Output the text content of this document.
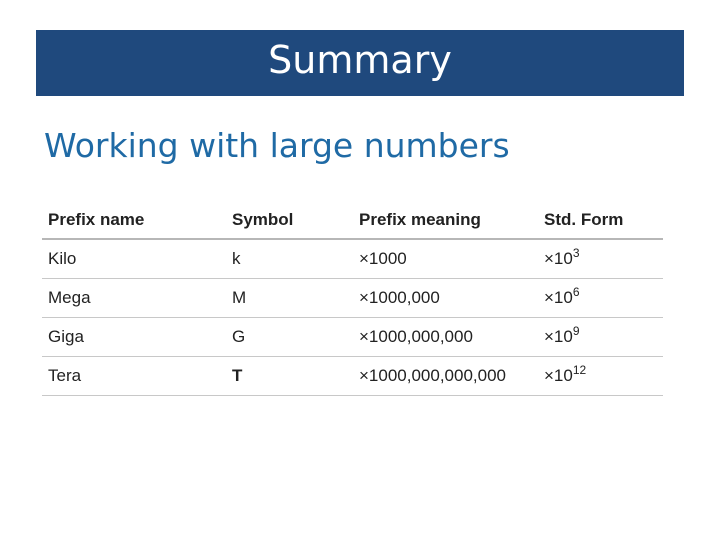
Summary
Working with large numbers
Prefix name	Symbol	Prefix meaning	Std. Form
Kilo	k	×1000	$\times 10^3$
Mega	M	×1000,000	$\times 10^6$
Giga	G	×1000,000,000	$\times 10^9$
Tera	T	×1000,000,000,000	$\times 10^{12}$
